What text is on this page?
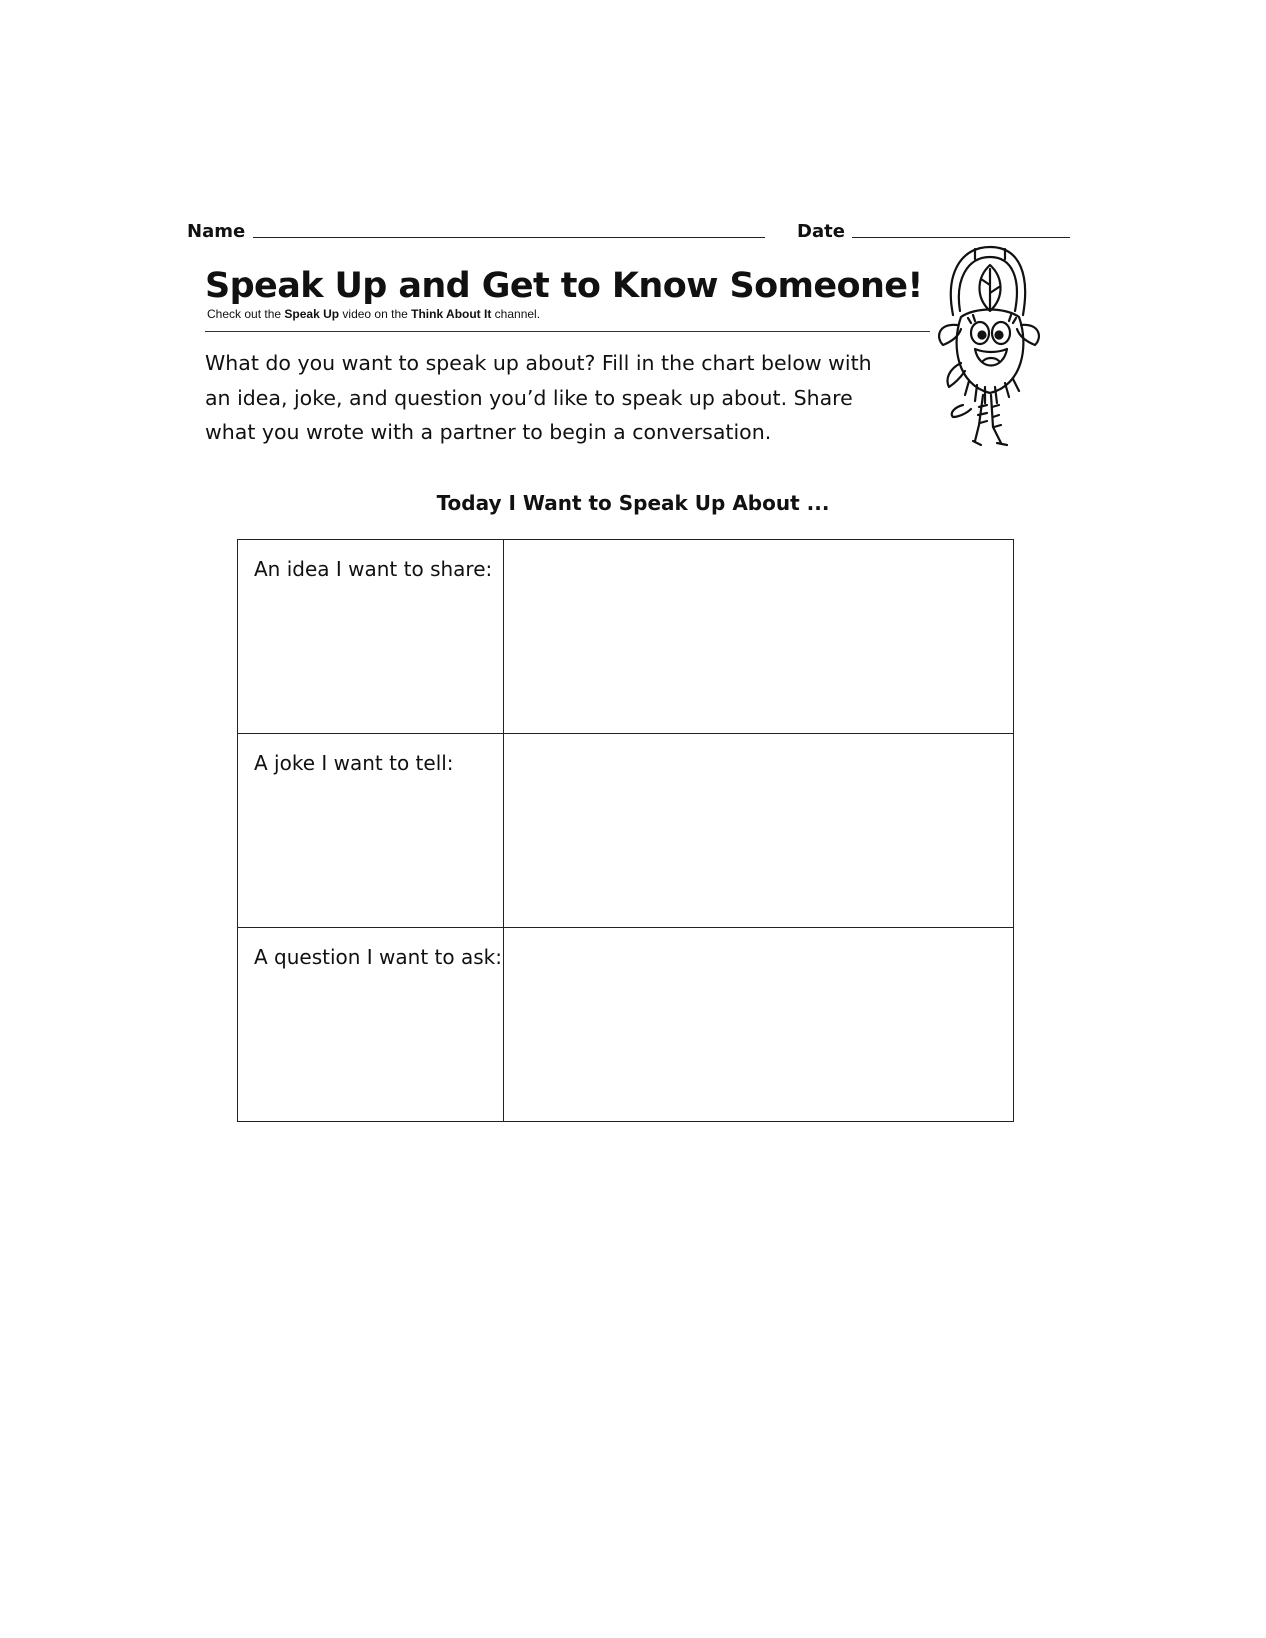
Name	Date
Speak Up and Get to Know Someone!
Check out the Speak Up video on the Think About It channel.
What do you want to speak up about? Fill in the chart below with an idea, joke, and question you’d like to speak up about. Share what you wrote with a partner to begin a conversation.
Today I Want to Speak Up About ...
An idea I want to share:	

A joke I want to tell:	

A question I want to ask:	
